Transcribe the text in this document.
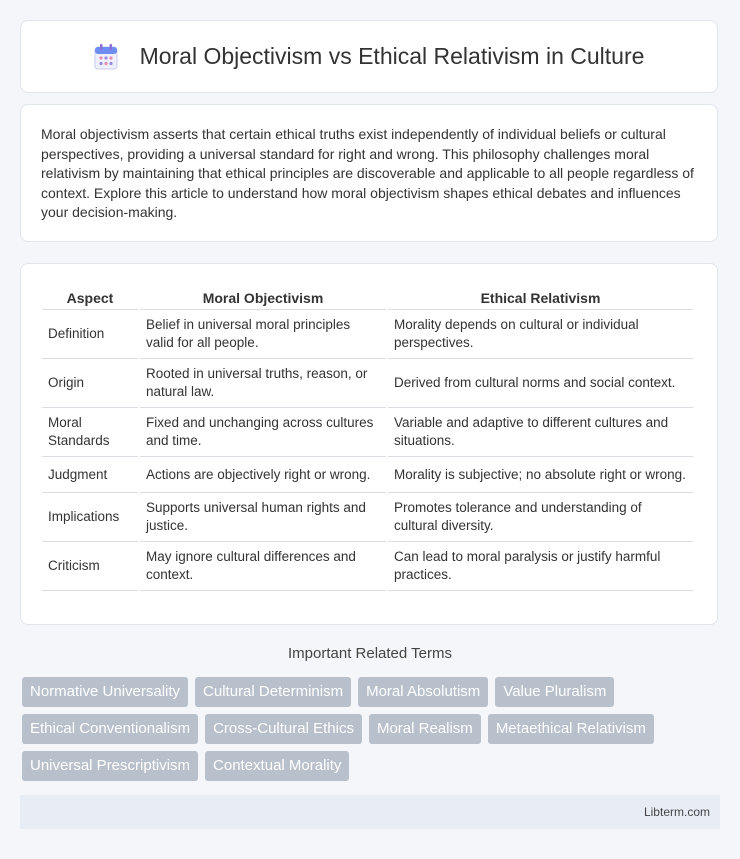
Moral Objectivism vs Ethical Relativism in Culture
Moral objectivism asserts that certain ethical truths exist independently of individual beliefs or cultural perspectives, providing a universal standard for right and wrong. This philosophy challenges moral relativism by maintaining that ethical principles are discoverable and applicable to all people regardless of context. Explore this article to understand how moral objectivism shapes ethical debates and influences your decision-making.
Aspect	Moral Objectivism	Ethical Relativism
Definition	Belief in universal moral principles valid for all people.	Morality depends on cultural or individual perspectives.
Origin	Rooted in universal truths, reason, or natural law.	Derived from cultural norms and social context.
Moral Standards	Fixed and unchanging across cultures and time.	Variable and adaptive to different cultures and situations.
Judgment	Actions are objectively right or wrong.	Morality is subjective; no absolute right or wrong.
Implications	Supports universal human rights and justice.	Promotes tolerance and understanding of cultural diversity.
Criticism	May ignore cultural differences and context.	Can lead to moral paralysis or justify harmful practices.
Important Related Terms
Normative Universality	Cultural Determinism	Moral Absolutism	Value Pluralism
Ethical Conventionalism	Cross-Cultural Ethics	Moral Realism	Metaethical Relativism
Universal Prescriptivism	Contextual Morality
Libterm.com
